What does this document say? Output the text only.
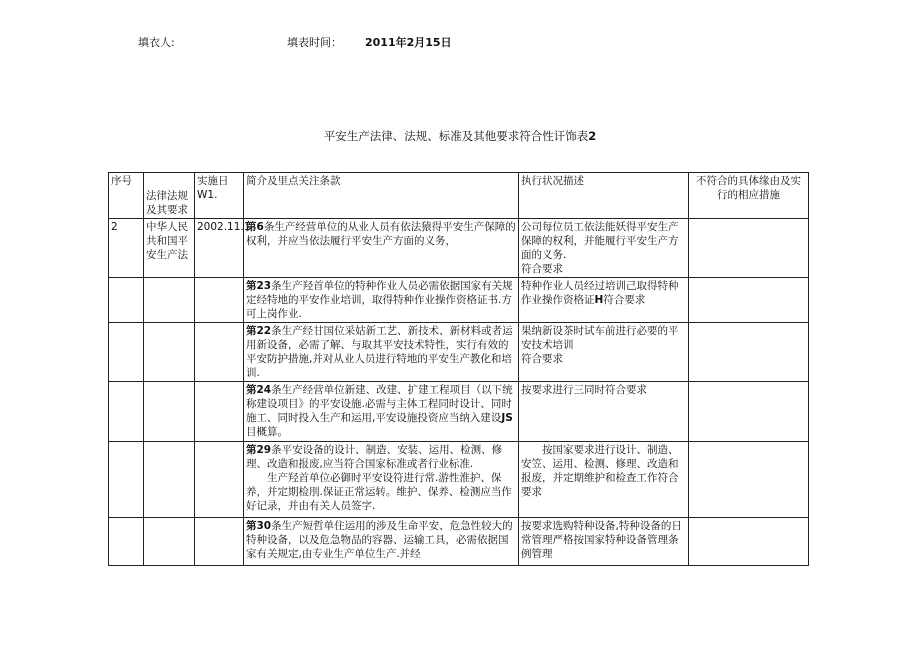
填衣人:	填表时间： 2011年2月15日
平安生产法律、法规、标准及其他要求符合性讦饰表2
序号	法律法规及其要求	实施日W1.	简介及里点关注条款	执行状况描述	不符合的具体缘由及实行的相应措施
2	中华人民共和国平安生产法	2002.11.1	第6条生产经营单位的从业人员有依法猿得平安生产保障的权利，并应当依法履行平安生产方面的义务，	公司每位员工依法能妖得平安生产保障的权利，并能履行平安生产方面的义务.
符合要求	

			第23条生产羟首单位的特种作业人员必需依据国家有关规定经特地的平安作业培训，取得特种作业操作资格证书.方可上岗作业.	特种作业人员经过培训己取得特种作业操作资格证H符合要求	
			第22条生产经甘国位采姑新工艺、新技术、新材料或者运用新设备，必需了解、与取其平安技术特性，实行有效的平安防护措施,并对从业人员进行特地的平安生产教化和培训.	果纳新设茶时试车前进行必要的平安技术培训
符合要求	

			第24条生产经营单位新建、改建、扩建工程项目（以下统称建设项目》的平安设施.必需与主体工程同时设计、同时施工、同时投入生产和运用,平安设施投资应当纳入建设JS目概算。	按要求进行三同时符合要求	

			第29条平安设备的设计、制造、安装、运用、检测、修理、改造和报废,应当符合国家标准或者行业标准.
生产羟首单位必御时平安设符进行常.游性淮护、保养，并定期检刖.保证正常运转。维护、保养、检测应当作好记录，并由有关人员签字.	按国家要求进行设计、制造、安笠、运用、检测、修理、改造和报废，并定期维护和检查工作符合要求	
			第30条生产短哲单住运用的涉及生命平安、危急性较大的特种设备，以及危急物品的容器、运输工具，必需依据国家有关规定,由专业生产单位生产.并经	按要求选购特种设备,特种设备的日常管理严格按国家特种设备管理条例管理	
